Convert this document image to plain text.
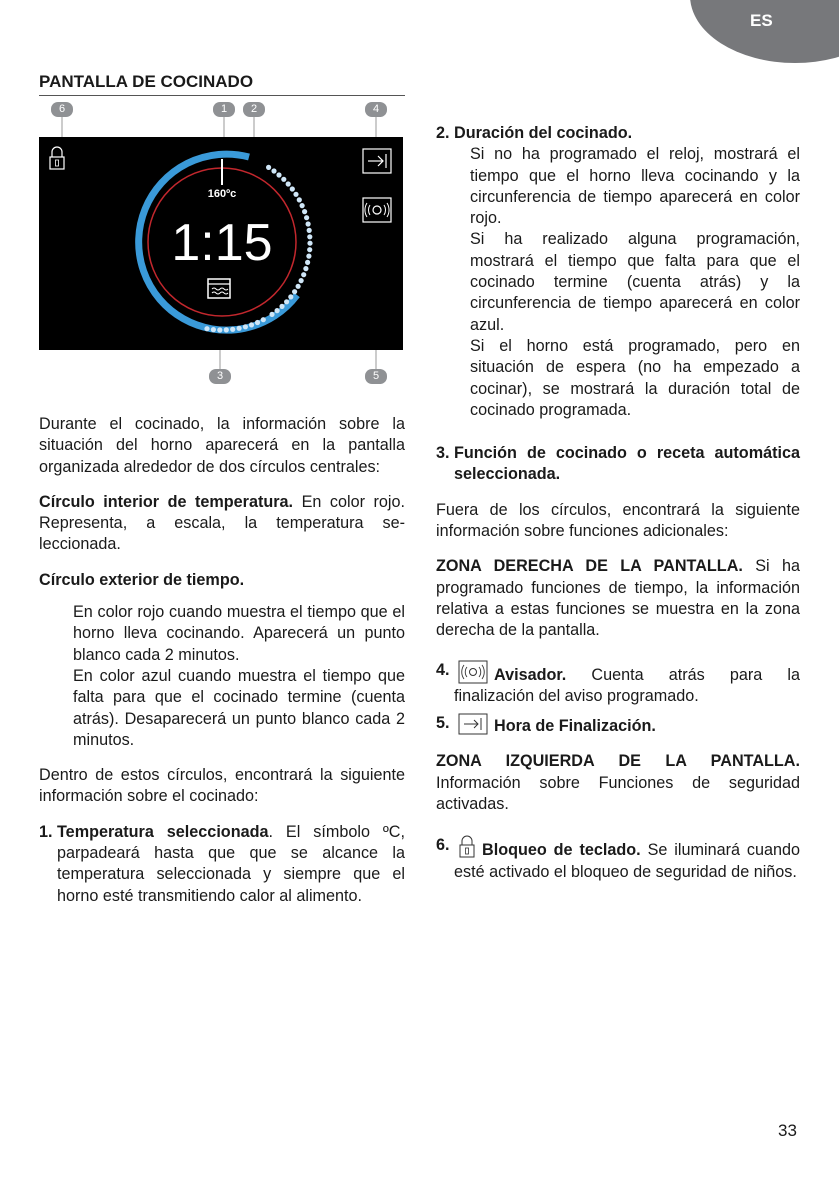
ES
PANTALLA DE COCINADO
6	1	2	4
3	5
160ºc
1:15

Durante el cocinado, la información sobre la situación del horno aparecerá en la pantalla organizada alrededor de dos círculos centrales:

Círculo interior de temperatura. En color rojo. Representa, a escala, la temperatura se-leccionada.

Círculo exterior de tiempo.

En color rojo cuando muestra el tiempo que el horno lleva cocinando. Aparecerá un punto blanco cada 2 minutos.

En color azul cuando muestra el tiempo que falta para que el cocinado termine (cuenta atrás). Desaparecerá un punto blanco cada 2 minutos.

Dentro de estos círculos, encontrará la siguiente información sobre el cocinado:

1. Temperatura seleccionada. El símbolo ºC, parpadeará hasta que que se alcance la temperatura seleccionada y siempre que el horno esté transmitiendo calor al alimento.

2. Duración del cocinado.

Si no ha programado el reloj, mostrará el tiempo que el horno lleva cocinando y la circunferencia de tiempo aparecerá en color rojo.

Si ha realizado alguna programación, mostrará el tiempo que falta para que el cocinado termine (cuenta atrás) y la circunferencia de tiempo aparecerá en color azul.

Si el horno está programado, pero en situación de espera (no ha empezado a cocinar), se mostrará la duración total de cocinado programada.

3. Función de cocinado o receta automática seleccionada.

Fuera de los círculos, encontrará la siguiente información sobre funciones adicionales:

ZONA DERECHA DE LA PANTALLA. Si ha programado funciones de tiempo, la información relativa a estas funciones se muestra en la zona derecha de la pantalla.

4.	Avisador. Cuenta atrás para la finalización del aviso programado.

5.	Hora de Finalización.

ZONA IZQUIERDA DE LA PANTALLA. Información sobre Funciones de seguridad activadas.

6.	Bloqueo de teclado. Se iluminará cuando esté activado el bloqueo de seguridad de niños.

33
